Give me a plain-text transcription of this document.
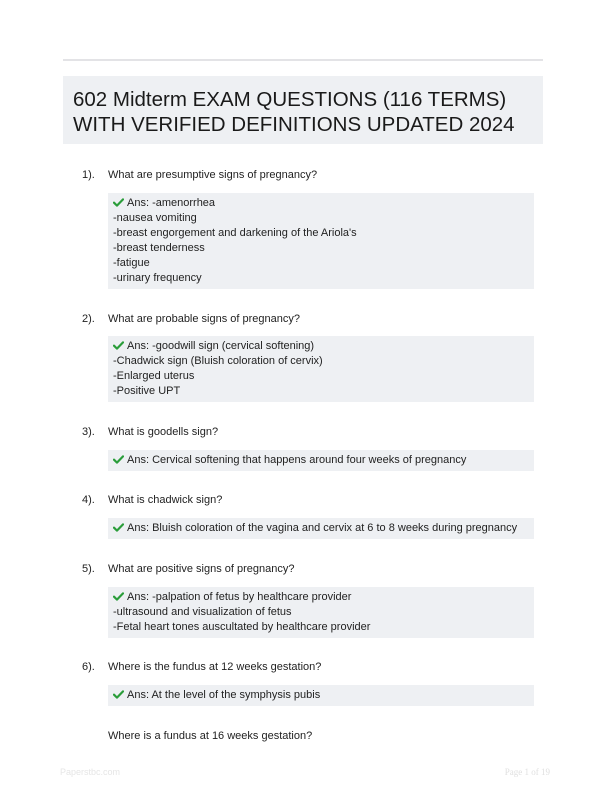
602 Midterm EXAM QUESTIONS (116 TERMS) WITH VERIFIED DEFINITIONS UPDATED 2024
1). What are presumptive signs of pregnancy?
Ans: -amenorrhea
-nausea vomiting
-breast engorgement and darkening of the Ariola's
-breast tenderness
-fatigue
-urinary frequency
2). What are probable signs of pregnancy?
Ans: -goodwill sign (cervical softening)
-Chadwick sign (Bluish coloration of cervix)
-Enlarged uterus
-Positive UPT
3). What is goodells sign?
Ans: Cervical softening that happens around four weeks of pregnancy
4). What is chadwick sign?
Ans: Bluish coloration of the vagina and cervix at 6 to 8 weeks during pregnancy
5). What are positive signs of pregnancy?
Ans: -palpation of fetus by healthcare provider
-ultrasound and visualization of fetus
-Fetal heart tones auscultated by healthcare provider
6). Where is the fundus at 12 weeks gestation?
Ans: At the level of the symphysis pubis
Where is a fundus at 16 weeks gestation?
Paperstbc.com	Page 1 of 19
